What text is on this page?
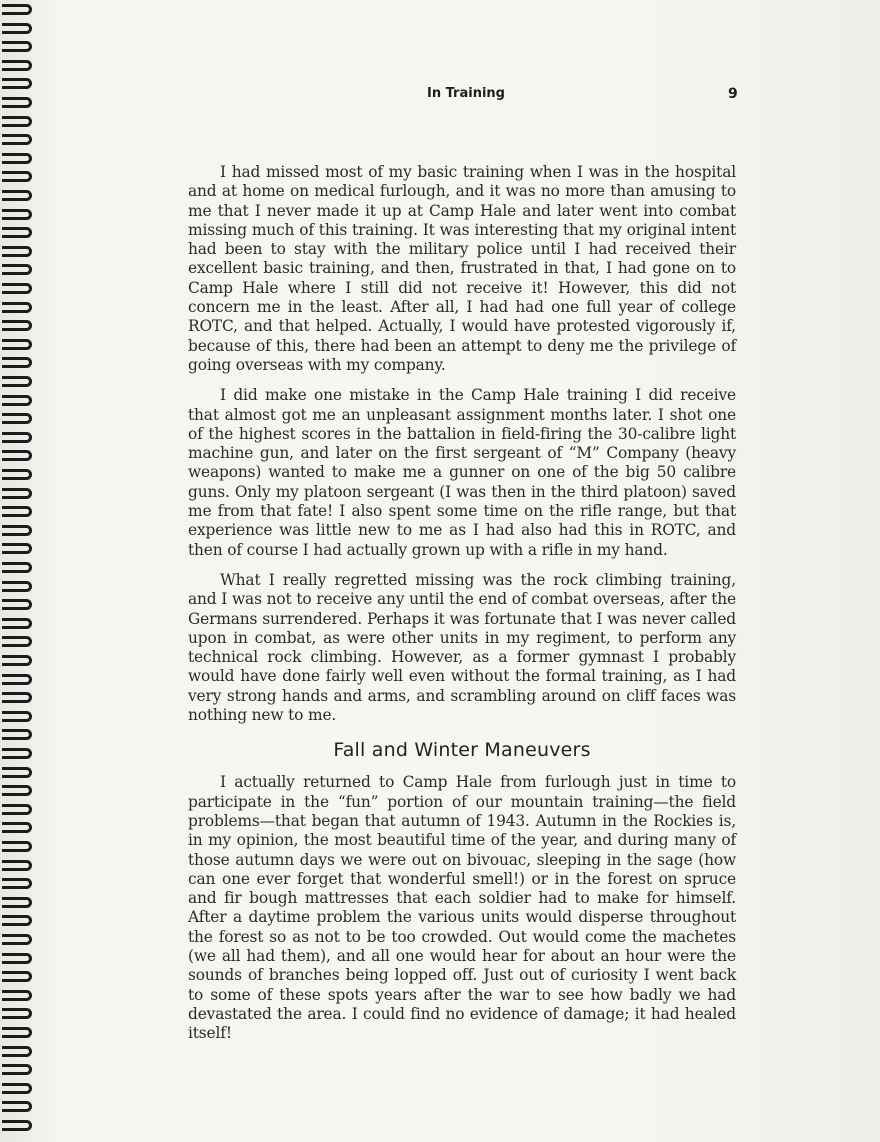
In Training	9

I had missed most of my basic training when I was in the hospital and at home on medical furlough, and it was no more than amusing to me that I never made it up at Camp Hale and later went into combat missing much of this training. It was interesting that my original intent had been to stay with the military police until I had received their excellent basic training, and then, frustrated in that, I had gone on to Camp Hale where I still did not receive it! However, this did not concern me in the least. After all, I had had one full year of college ROTC, and that helped. Actually, I would have protested vigorously if, because of this, there had been an attempt to deny me the privilege of going overseas with my company.

I did make one mistake in the Camp Hale training I did receive that almost got me an unpleasant assignment months later. I shot one of the highest scores in the battalion in field-firing the 30-calibre light machine gun, and later on the first sergeant of “M” Company (heavy weapons) wanted to make me a gunner on one of the big 50 calibre guns. Only my platoon sergeant (I was then in the third platoon) saved me from that fate! I also spent some time on the rifle range, but that experience was little new to me as I had also had this in ROTC, and then of course I had actually grown up with a rifle in my hand.

What I really regretted missing was the rock climbing training, and I was not to receive any until the end of combat overseas, after the Germans surrendered. Perhaps it was fortunate that I was never called upon in combat, as were other units in my regiment, to perform any technical rock climbing. However, as a former gymnast I probably would have done fairly well even without the formal training, as I had very strong hands and arms, and scrambling around on cliff faces was nothing new to me.

Fall and Winter Maneuvers

I actually returned to Camp Hale from furlough just in time to participate in the “fun” portion of our mountain training—the field problems—that began that autumn of 1943. Autumn in the Rockies is, in my opinion, the most beautiful time of the year, and during many of those autumn days we were out on bivouac, sleeping in the sage (how can one ever forget that wonderful smell!) or in the forest on spruce and fir bough mattresses that each soldier had to make for himself. After a daytime problem the various units would disperse throughout the forest so as not to be too crowded. Out would come the machetes (we all had them), and all one would hear for about an hour were the sounds of branches being lopped off. Just out of curiosity I went back to some of these spots years after the war to see how badly we had devastated the area. I could find no evidence of damage; it had healed itself!
